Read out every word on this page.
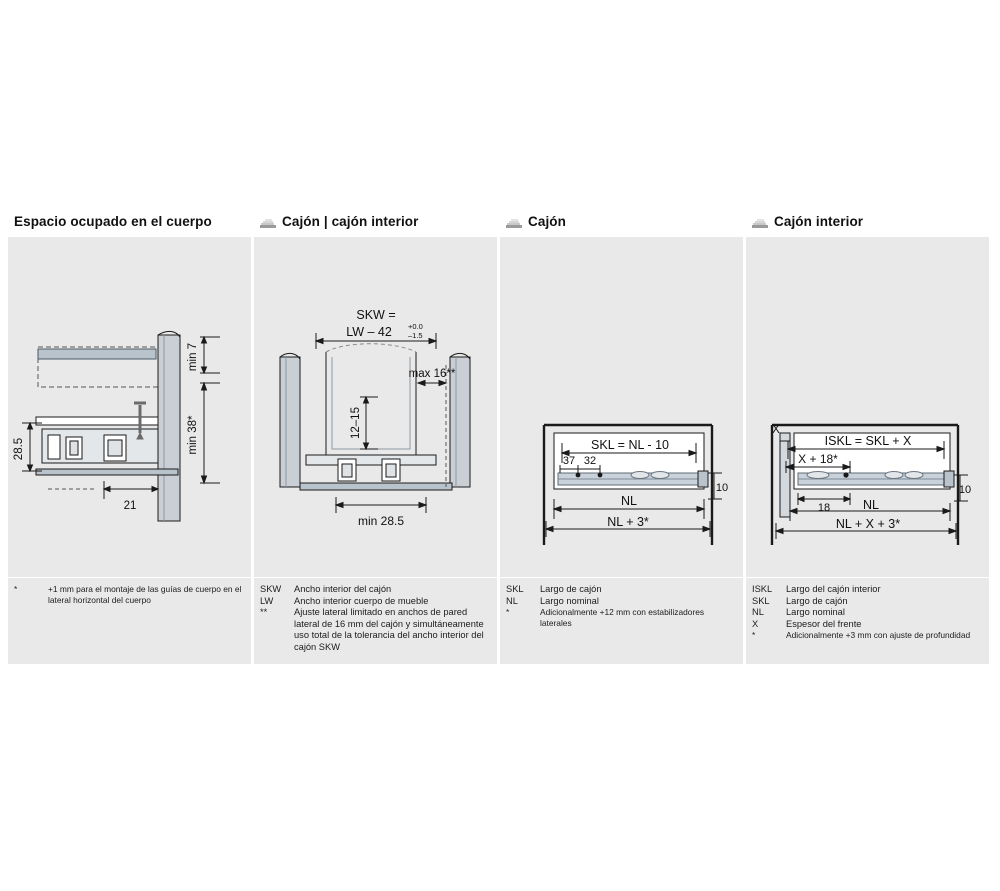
Espacio ocupado en el cuerpo
min 7
min 38*
28.5
21
*	+1 mm para el montaje de las guías de cuerpo en el lateral horizontal del cuerpo
Cajón | cajón interior
SKW =
LW – 42 +0.0
–1.5
max 16**
12–15
min 28.5
SKW	Ancho interior del cajón
LW	Ancho interior cuerpo de mueble
**	Ajuste lateral limitado en anchos de pared lateral de 16 mm del cajón y simultáneamente uso total de la tolerancia del ancho interior del cajón SKW
Cajón
SKL = NL - 10
37 32
NL
NL + 3*
10
SKL	Largo de cajón
NL	Largo nominal
*	Adicionalmente +12 mm con estabilizadores laterales
Cajón interior
ISKL = SKL + X
X + 18*
X
18	NL
NL + X + 3*
10
ISKL	Largo del cajón interior
SKL	Largo de cajón
NL	Largo nominal
X	Espesor del frente
*	Adicionalmente +3 mm con ajuste de profundidad
